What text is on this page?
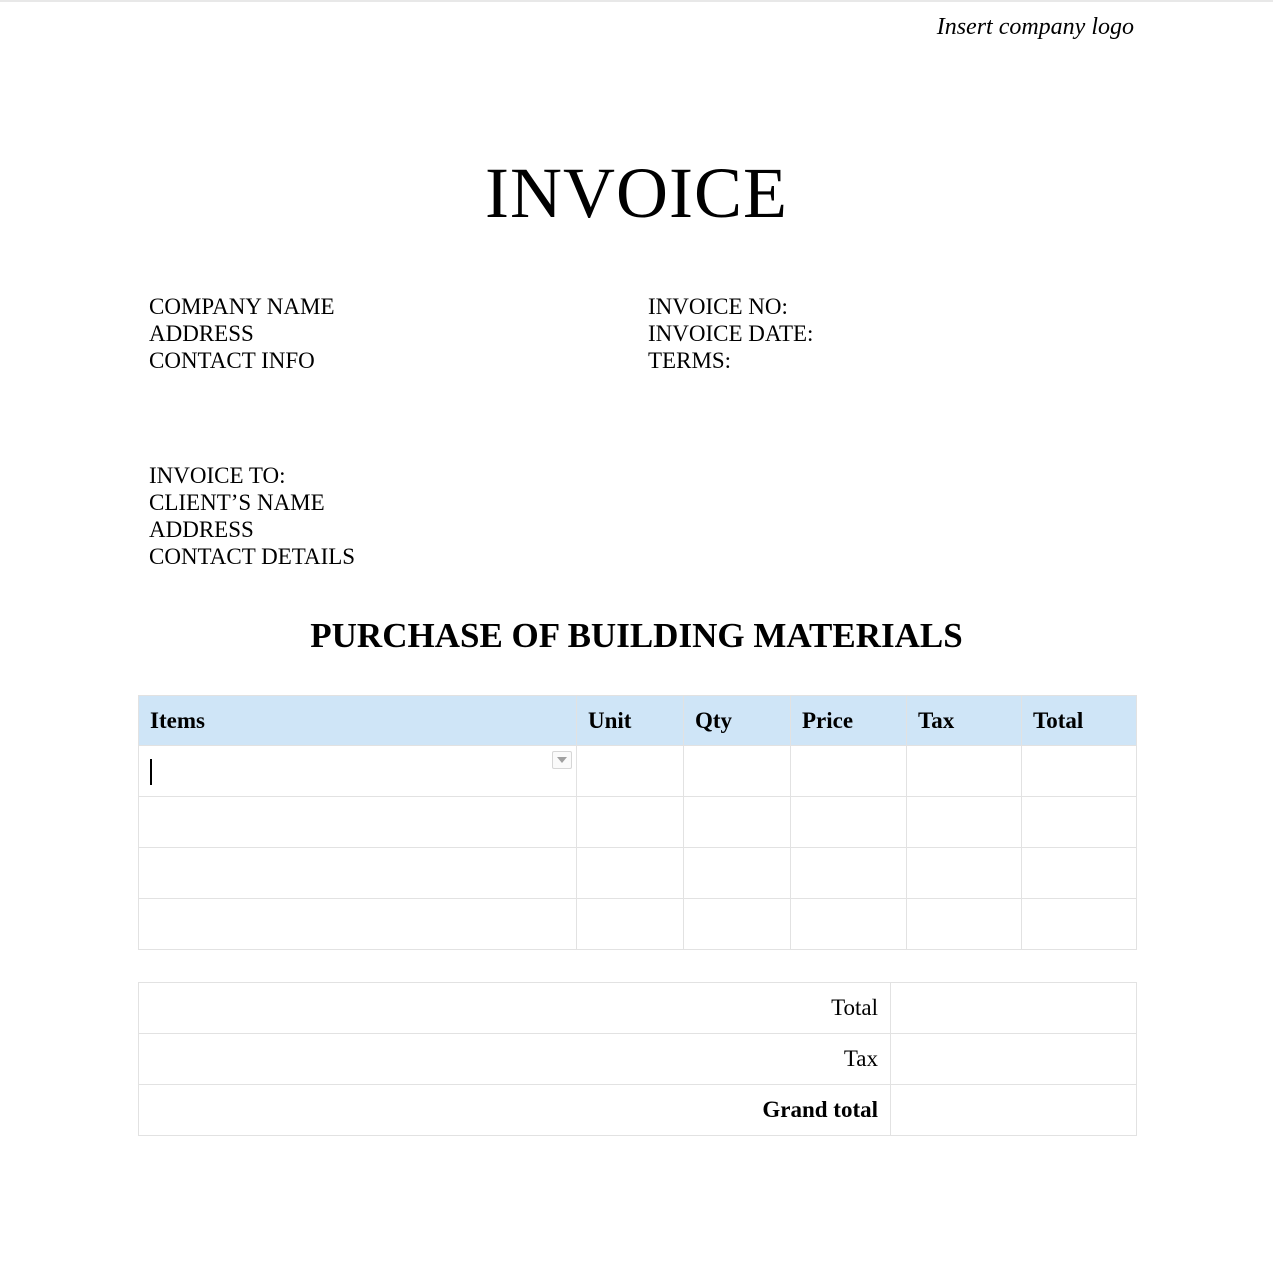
Insert company logo
INVOICE
COMPANY NAME
ADDRESS
CONTACT INFO
INVOICE NO:
INVOICE DATE:
TERMS:
INVOICE TO:
CLIENT’S NAME
ADDRESS
CONTACT DETAILS
PURCHASE OF BUILDING MATERIALS
Items	Unit	Qty	Price	Tax	Total

Total	
Tax	
Grand total	
